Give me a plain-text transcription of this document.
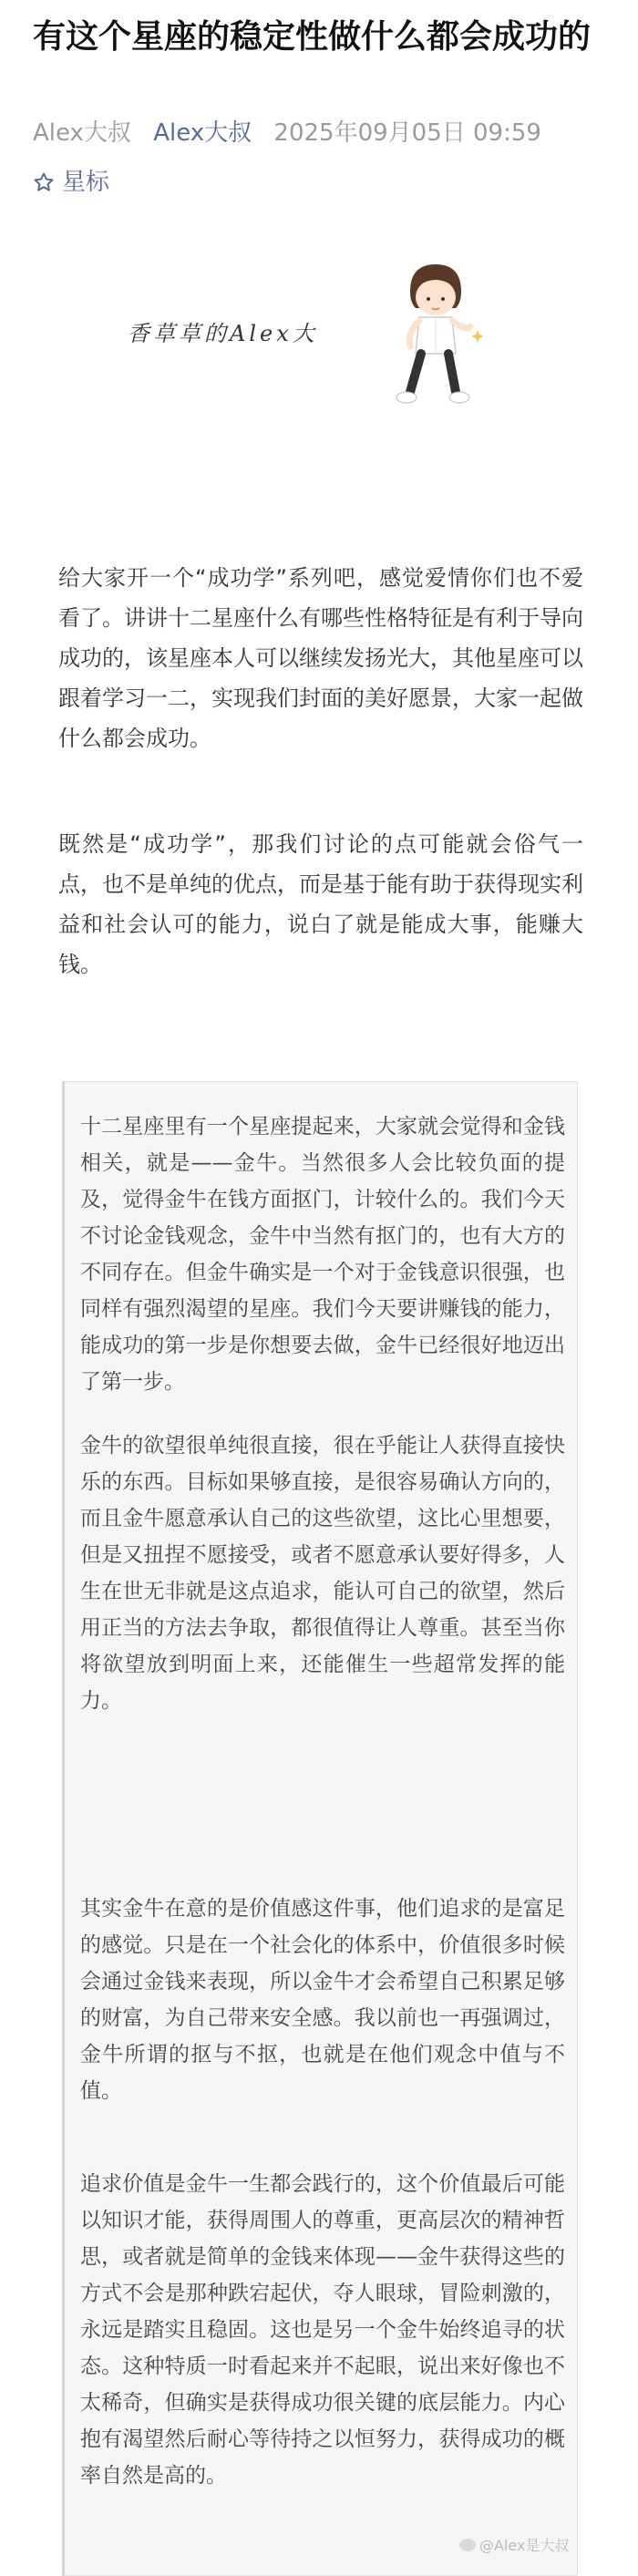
有这个星座的稳定性做什么都会成功的
Alex大叔 Alex大叔 2025年09月05日 09:59
星标
香草草的Alex大

给大家开一个“成功学”系列吧，感觉爱情你们也不爱看了。讲讲十二星座什么有哪些性格特征是有利于导向成功的，该星座本人可以继续发扬光大，其他星座可以跟着学习一二，实现我们封面的美好愿景，大家一起做什么都会成功。

既然是“成功学”，那我们讨论的点可能就会俗气一点，也不是单纯的优点，而是基于能有助于获得现实利益和社会认可的能力，说白了就是能成大事，能赚大钱。

十二星座里有一个星座提起来，大家就会觉得和金钱相关，就是——金牛。当然很多人会比较负面的提及，觉得金牛在钱方面抠门，计较什么的。我们今天不讨论金钱观念，金牛中当然有抠门的，也有大方的不同存在。但金牛确实是一个对于金钱意识很强，也同样有强烈渴望的星座。我们今天要讲赚钱的能力，能成功的第一步是你想要去做，金牛已经很好地迈出了第一步。

金牛的欲望很单纯很直接，很在乎能让人获得直接快乐的东西。目标如果够直接，是很容易确认方向的，而且金牛愿意承认自己的这些欲望，这比心里想要，但是又扭捏不愿接受，或者不愿意承认要好得多，人生在世无非就是这点追求，能认可自己的欲望，然后用正当的方法去争取，都很值得让人尊重。甚至当你将欲望放到明面上来，还能催生一些超常发挥的能力。

其实金牛在意的是价值感这件事，他们追求的是富足的感觉。只是在一个社会化的体系中，价值很多时候会通过金钱来表现，所以金牛才会希望自己积累足够的财富，为自己带来安全感。我以前也一再强调过，金牛所谓的抠与不抠，也就是在他们观念中值与不值。

追求价值是金牛一生都会践行的，这个价值最后可能以知识才能，获得周围人的尊重，更高层次的精神哲思，或者就是简单的金钱来体现——金牛获得这些的方式不会是那种跌宕起伏，夺人眼球，冒险刺激的，永远是踏实且稳固。这也是另一个金牛始终追寻的状态。这种特质一时看起来并不起眼，说出来好像也不太稀奇，但确实是获得成功很关键的底层能力。内心抱有渴望然后耐心等待持之以恒努力，获得成功的概率自然是高的。

@Alex是大叔
